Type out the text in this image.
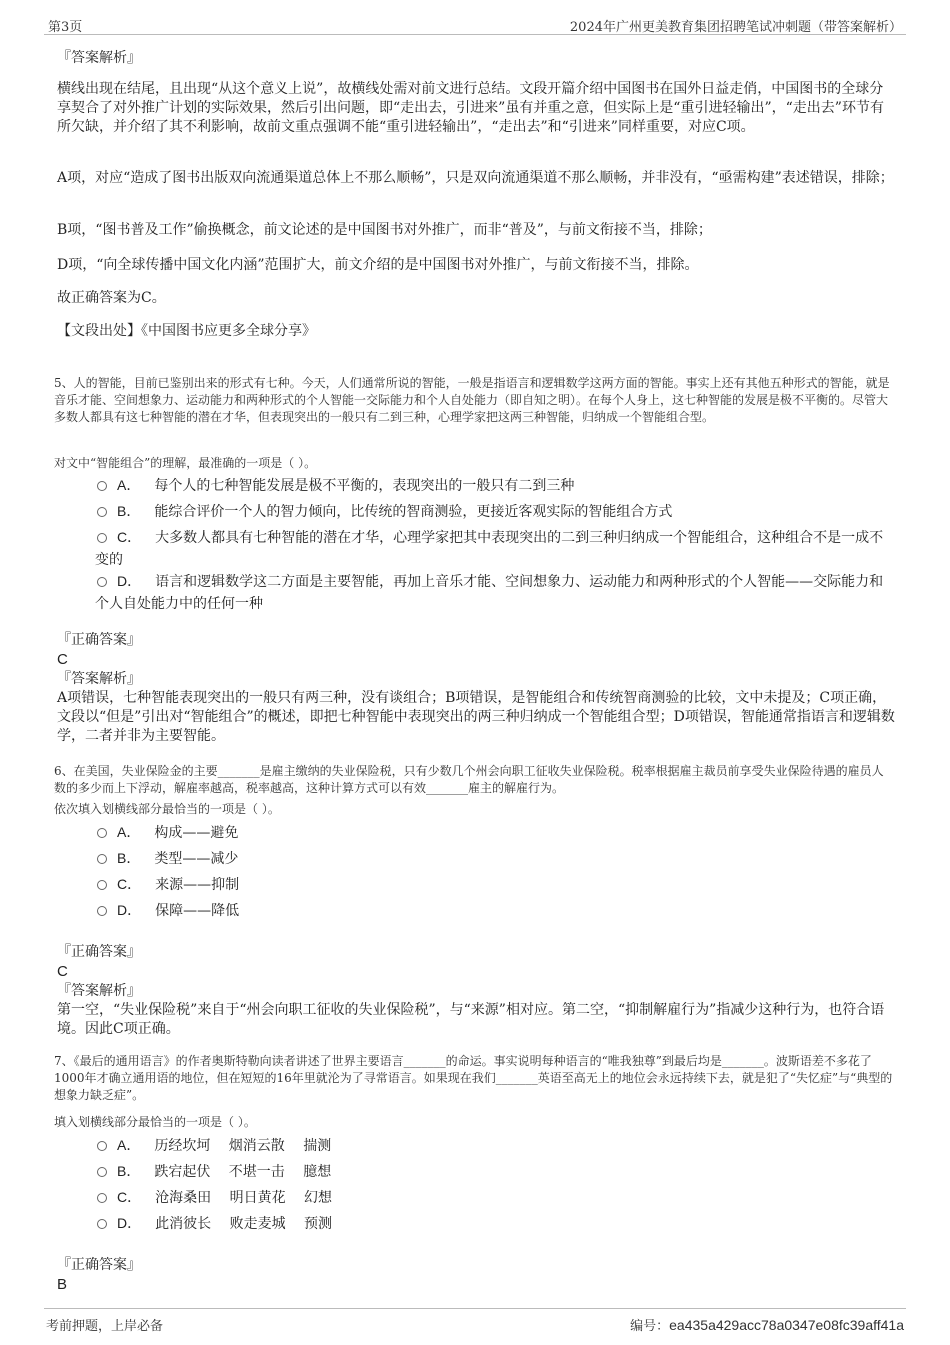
第3页	2024年广州更美教育集团招聘笔试冲刺题（带答案解析）

『答案解析』

横线出现在结尾，且出现“从这个意义上说”，故横线处需对前文进行总结。文段开篇介绍中国图书在国外日益走俏，中国图书的全球分享契合了对外推广计划的实际效果，然后引出问题，即“走出去，引进来”虽有并重之意，但实际上是“重引进轻输出”，“走出去”环节有所欠缺，并介绍了其不利影响，故前文重点强调不能“重引进轻输出”，“走出去”和“引进来”同样重要，对应C项。

A项，对应“造成了图书出版双向流通渠道总体上不那么顺畅”，只是双向流通渠道不那么顺畅，并非没有，“亟需构建”表述错误，排除；

B项，“图书普及工作”偷换概念，前文论述的是中国图书对外推广，而非“普及”，与前文衔接不当，排除；

D项，“向全球传播中国文化内涵”范围扩大，前文介绍的是中国图书对外推广，与前文衔接不当，排除。

故正确答案为C。

【文段出处】《中国图书应更多全球分享》

5、人的智能，目前已鉴别出来的形式有七种。今天，人们通常所说的智能，一般是指语言和逻辑数学这两方面的智能。事实上还有其他五种形式的智能，就是音乐才能、空间想象力、运动能力和两种形式的个人智能一交际能力和个人自处能力（即自知之明）。在每个人身上，这七种智能的发展是极不平衡的。尽管大多数人都具有这七种智能的潜在才华，但表现突出的一般只有二到三种，心理学家把这两三种智能，归纳成一个智能组合型。

对文中“智能组合”的理解，最准确的一项是（ ）。

A． 每个人的七种智能发展是极不平衡的，表现突出的一般只有二到三种
B． 能综合评价一个人的智力倾向，比传统的智商测验，更接近客观实际的智能组合方式
C． 大多数人都具有七种智能的潜在才华，心理学家把其中表现突出的二到三种归纳成一个智能组合，这种组合不是一成不变的
D． 语言和逻辑数学这二方面是主要智能，再加上音乐才能、空间想象力、运动能力和两种形式的个人智能——交际能力和个人自处能力中的任何一种

『正确答案』

C

『答案解析』

A项错误，七种智能表现突出的一般只有两三种，没有谈组合；B项错误，是智能组合和传统智商测验的比较，文中未提及；C项正确，文段以“但是”引出对“智能组合”的概述，即把七种智能中表现突出的两三种归纳成一个智能组合型；D项错误，智能通常指语言和逻辑数学，二者并非为主要智能。

6、在美国，失业保险金的主要_______是雇主缴纳的失业保险税，只有少数几个州会向职工征收失业保险税。税率根据雇主裁员前享受失业保险待遇的雇员人数的多少而上下浮动，解雇率越高，税率越高，这种计算方式可以有效_______雇主的解雇行为。

依次填入划横线部分最恰当的一项是（ ）。

A． 构成——避免
B． 类型——减少
C． 来源——抑制
D． 保障——降低

『正确答案』

C

『答案解析』

第一空，“失业保险税”来自于“州会向职工征收的失业保险税”，与“来源”相对应。第二空，“抑制解雇行为”指减少这种行为，也符合语境。因此C项正确。

7、《最后的通用语言》的作者奥斯特勒向读者讲述了世界主要语言_______的命运。事实说明每种语言的“唯我独尊”到最后均是_______。波斯语差不多花了1000年才确立通用语的地位，但在短短的16年里就沦为了寻常语言。如果现在我们_______英语至高无上的地位会永远持续下去，就是犯了“失忆症”与“典型的想象力缺乏症”。

填入划横线部分最恰当的一项是（ ）。

A． 历经坎坷　 烟消云散　 揣测
B． 跌宕起伏　 不堪一击　 臆想
C． 沧海桑田　 明日黄花　 幻想
D． 此消彼长　 败走麦城　 预测

『正确答案』

B

考前押题，上岸必备	编号：ea435a429acc78a0347e08fc39aff41a
